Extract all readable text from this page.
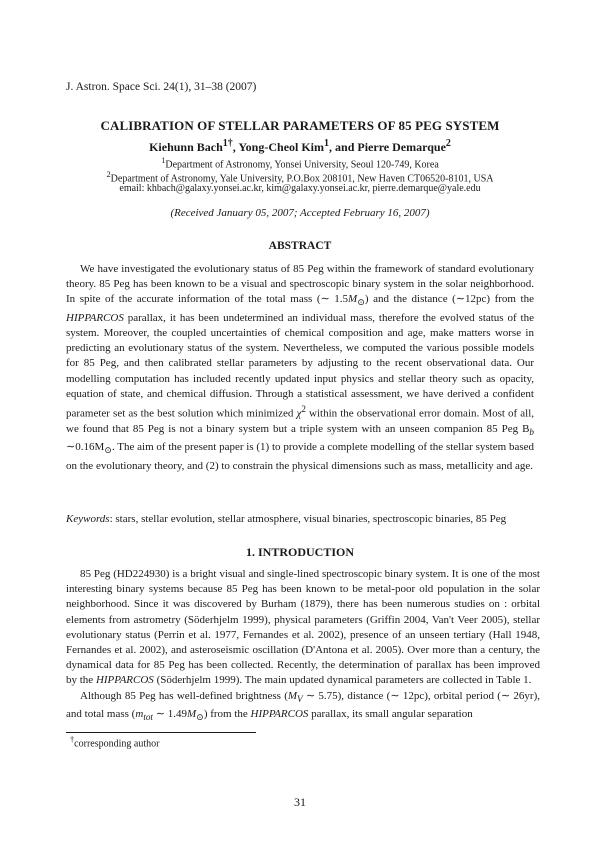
J. Astron. Space Sci. 24(1), 31–38 (2007)
CALIBRATION OF STELLAR PARAMETERS OF 85 PEG SYSTEM
Kiehunn Bach$^{1\dagger}$, Yong-Cheol Kim$^1$, and Pierre Demarque$^2$
$^1$Department of Astronomy, Yonsei University, Seoul 120-749, Korea
$^2$Department of Astronomy, Yale University, P.O.Box 208101, New Haven CT06520-8101, USA
email: khbach@galaxy.yonsei.ac.kr, kim@galaxy.yonsei.ac.kr, pierre.demarque@yale.edu
(Received January 05, 2007; Accepted February 16, 2007)
ABSTRACT
We have investigated the evolutionary status of 85 Peg within the framework of standard evolutionary theory. 85 Peg has been known to be a visual and spectroscopic binary system in the solar neighborhood. In spite of the accurate information of the total mass (∼ $1.5M_⊙$) and the distance (∼12pc) from the HIPPARCOS parallax, it has been undetermined an individual mass, therefore the evolved status of the system. Moreover, the coupled uncertainties of chemical composition and age, make matters worse in predicting an evolutionary status of the system. Nevertheless, we computed the various possible models for 85 Peg, and then calibrated stellar parameters by adjusting to the recent observational data. Our modelling computation has included recently updated input physics and stellar theory such as opacity, equation of state, and chemical diffusion. Through a statistical assessment, we have derived a confident parameter set as the best solution which minimized $\chi^2$ within the observational error domain. Most of all, we found that 85 Peg is not a binary system but a triple system with an unseen companion 85 Peg $B_b$ $\sim 0.16M_⊙$. The aim of the present paper is (1) to provide a complete modelling of the stellar system based on the evolutionary theory, and (2) to constrain the physical dimensions such as mass, metallicity and age.
Keywords: stars, stellar evolution, stellar atmosphere, visual binaries, spectroscopic binaries, 85 Peg
1. INTRODUCTION

85 Peg (HD224930) is a bright visual and single-lined spectroscopic binary system. It is one of the most interesting binary systems because 85 Peg has been known to be metal-poor old population in the solar neighborhood. Since it was discovered by Burham (1879), there has been numerous studies on : orbital elements from astrometry (Söderhjelm 1999), physical parameters (Griffin 2004, Van't Veer 2005), stellar evolutionary status (Perrin et al. 1977, Fernandes et al. 2002), presence of an unseen tertiary (Hall 1948, Fernandes et al. 2002), and asteroseismic oscillation (D'Antona et al. 2005). Over more than a century, the dynamical data for 85 Peg has been collected. Recently, the determination of parallax has been improved by the HIPPARCOS (Söderhjelm 1999). The main updated dynamical parameters are collected in Table 1.

Although 85 Peg has well-defined brightness ($M_V$ ∼ 5.75), distance (∼ 12pc), orbital period (∼ 26yr), and total mass ($m_{tot}$ ∼ $1.49M_⊙$) from the HIPPARCOS parallax, its small angular separation

†corresponding author
31
